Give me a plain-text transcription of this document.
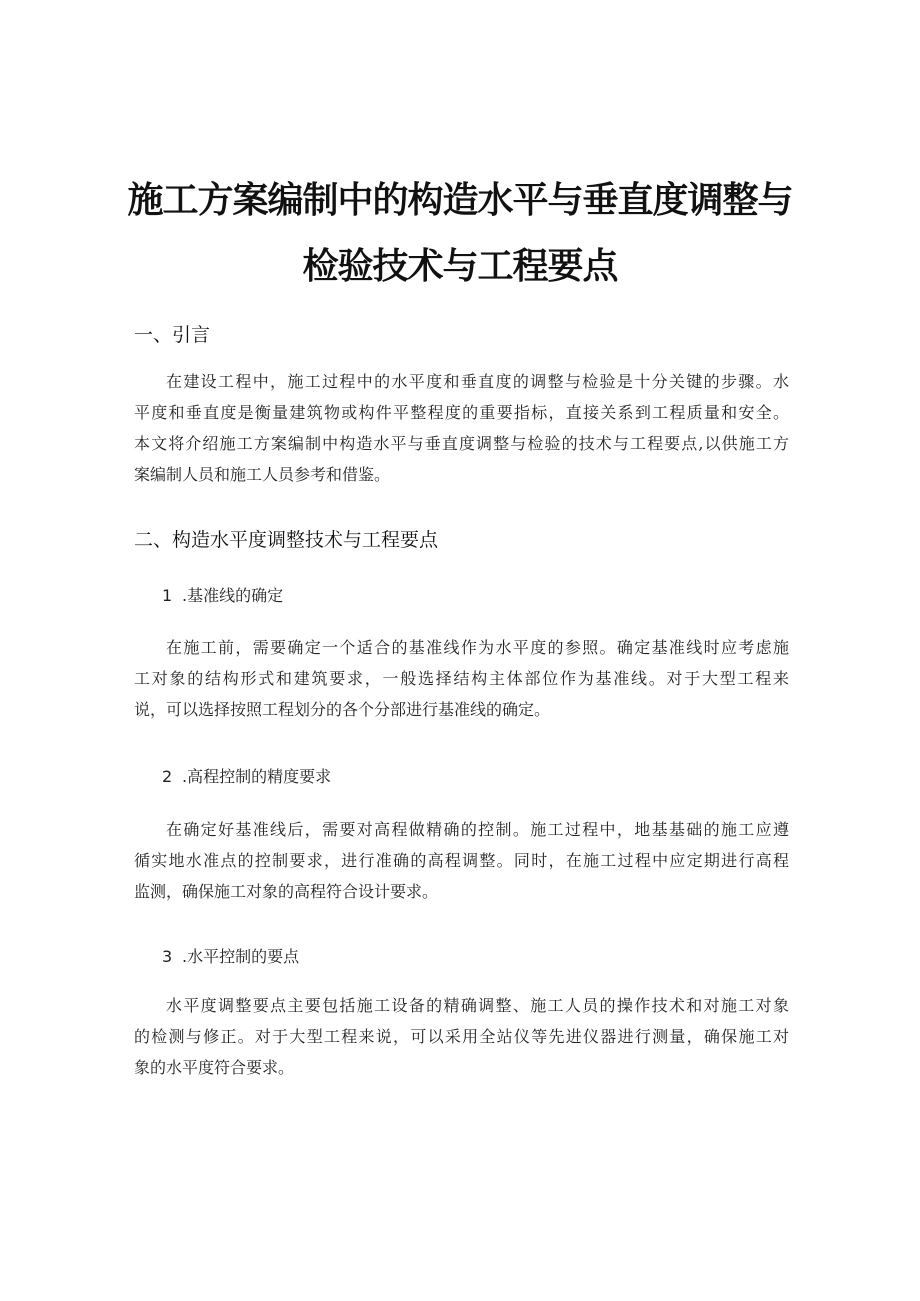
施工方案编制中的构造水平与垂直度调整与
检验技术与工程要点
一、引言
在建设工程中，施工过程中的水平度和垂直度的调整与检验是十分关键的步骤。水
平度和垂直度是衡量建筑物或构件平整程度的重要指标，直接关系到工程质量和安全。
本文将介绍施工方案编制中构造水平与垂直度调整与检验的技术与工程要点,以供施工方
案编制人员和施工人员参考和借鉴。
二、构造水平度调整技术与工程要点
1 .基准线的确定
在施工前，需要确定一个适合的基准线作为水平度的参照。确定基准线时应考虑施
工对象的结构形式和建筑要求，一般选择结构主体部位作为基准线。对于大型工程来
说，可以选择按照工程划分的各个分部进行基准线的确定。
2 .高程控制的精度要求
在确定好基准线后，需要对高程做精确的控制。施工过程中，地基基础的施工应遵
循实地水准点的控制要求，进行准确的高程调整。同时，在施工过程中应定期进行高程
监测，确保施工对象的高程符合设计要求。
3 .水平控制的要点
水平度调整要点主要包括施工设备的精确调整、施工人员的操作技术和对施工对象
的检测与修正。对于大型工程来说，可以采用全站仪等先进仪器进行测量，确保施工对
象的水平度符合要求。
